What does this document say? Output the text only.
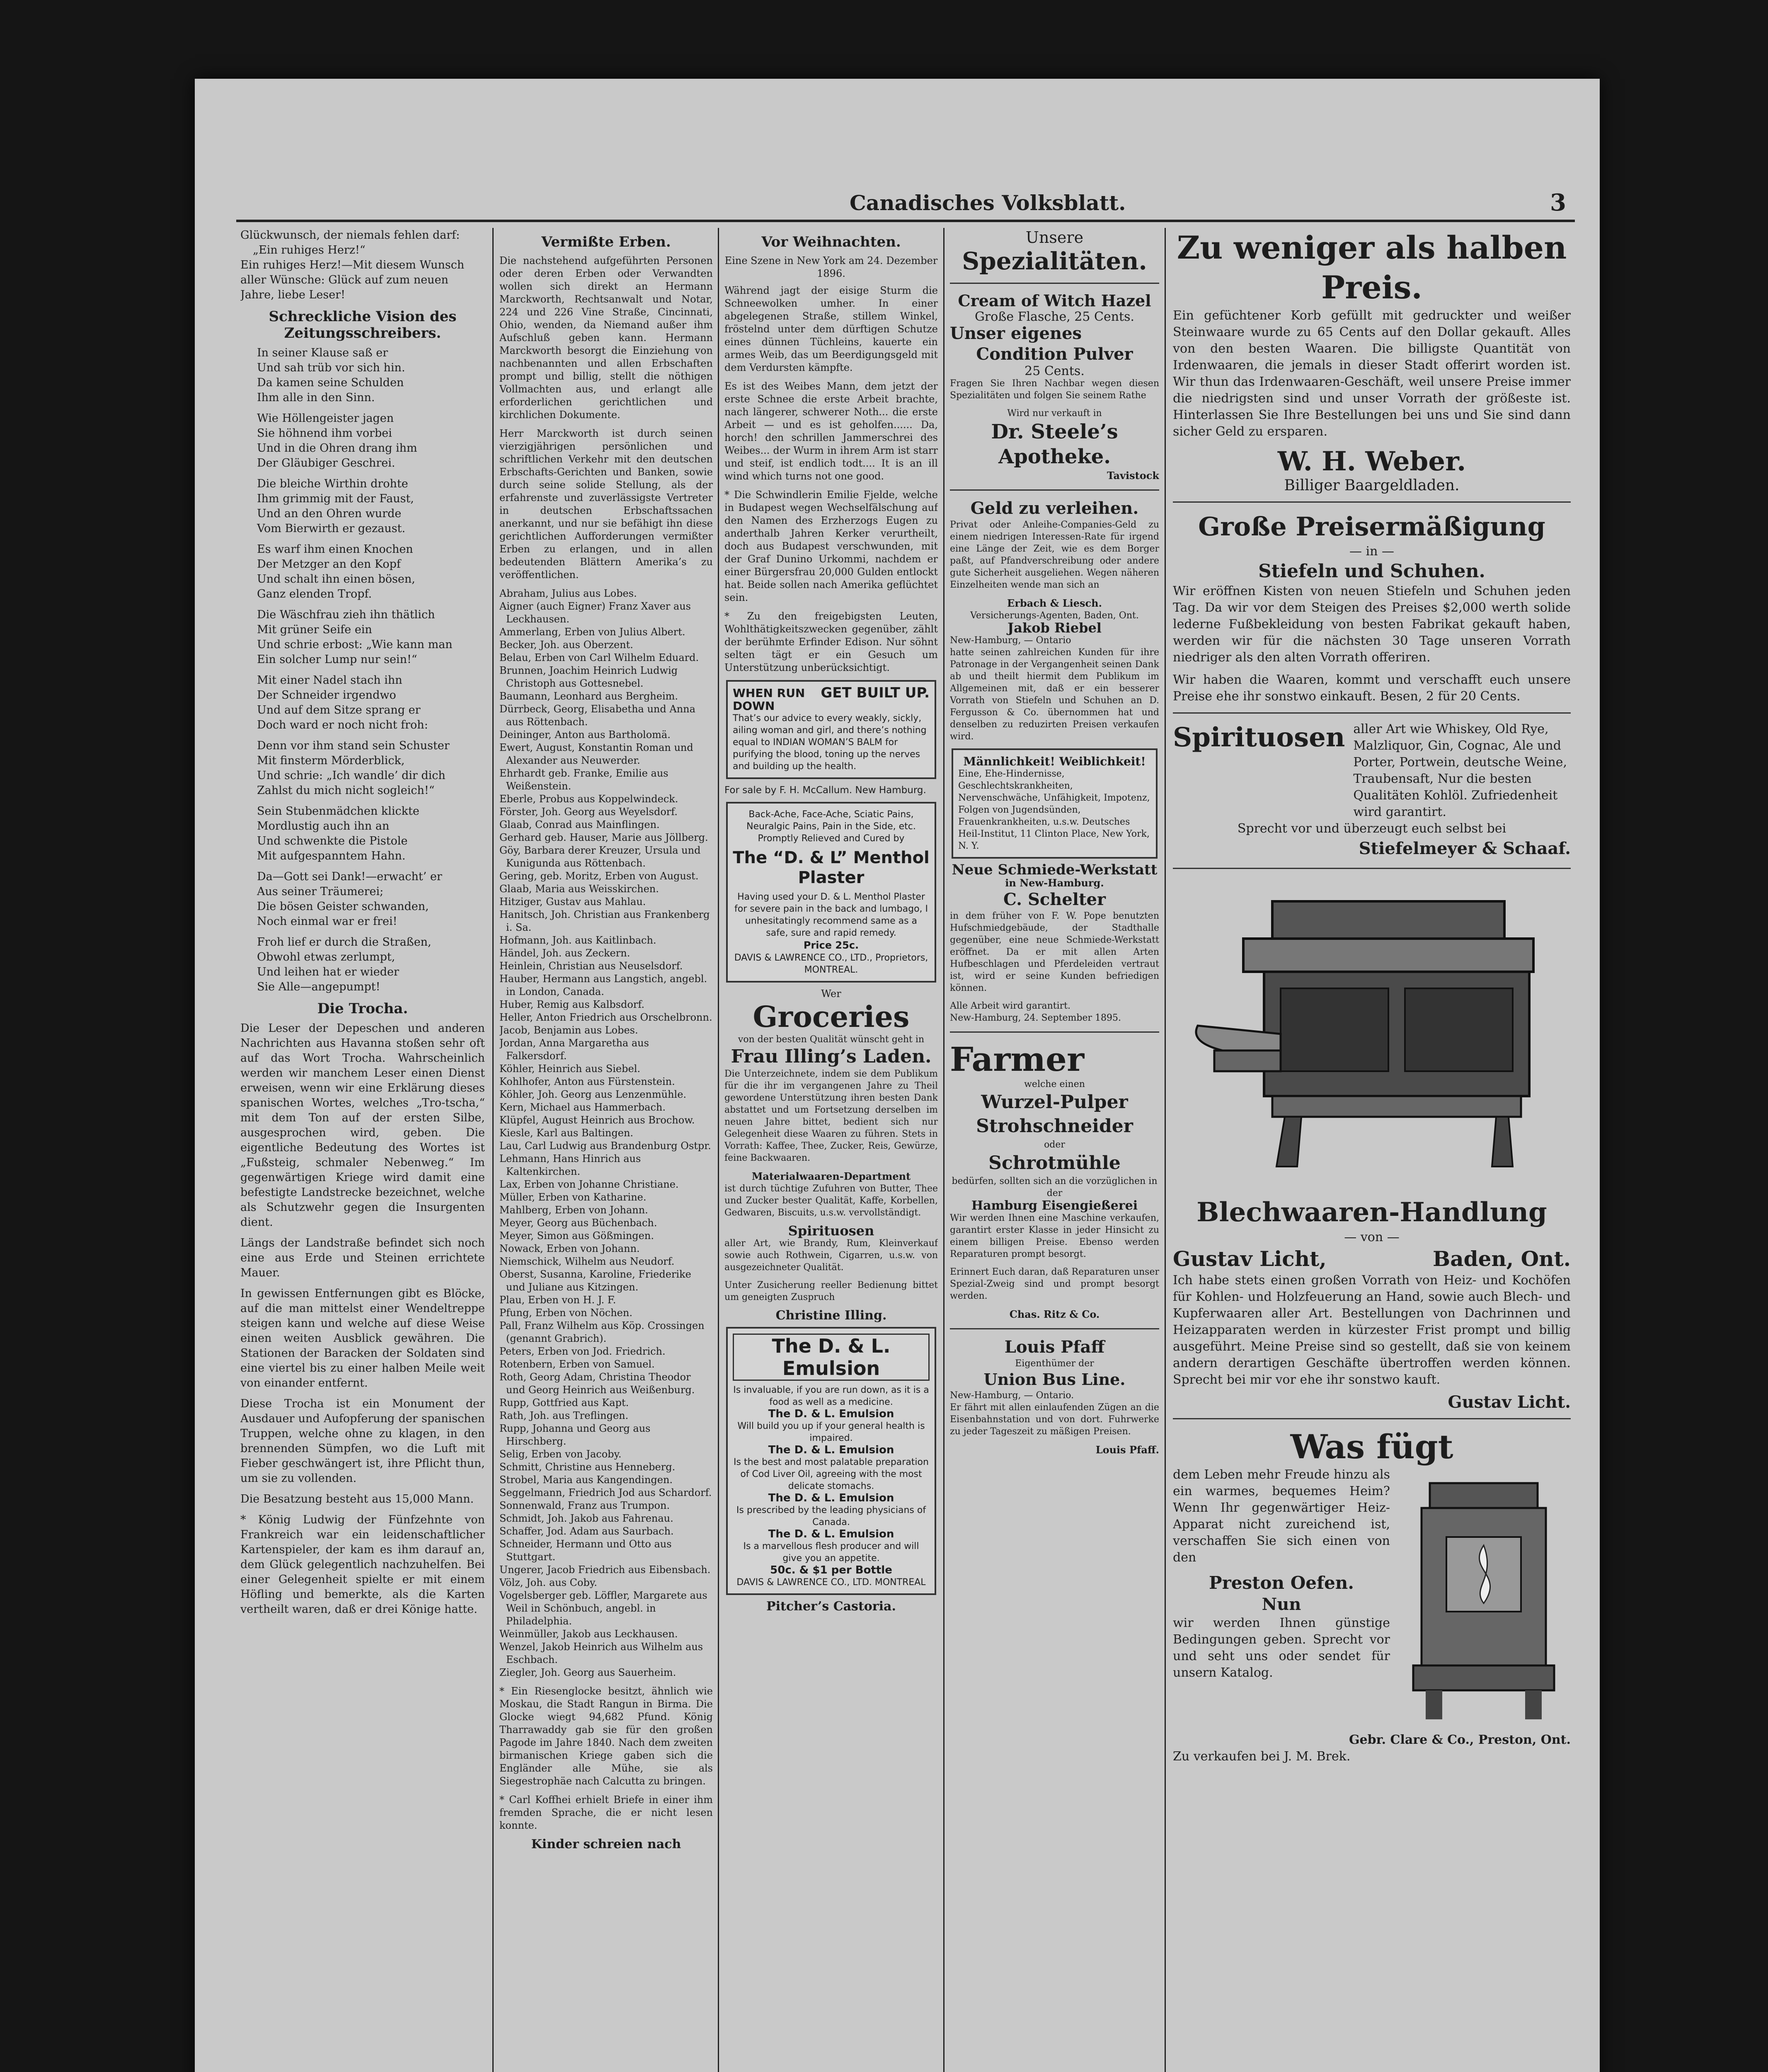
Canadisches Volksblatt.	3
Glückwunsch, der niemals fehlen darf:
„Ein ruhiges Herz!“
Ein ruhiges Herz!—Mit diesem Wunsch
aller Wünsche: Glück auf zum neuen
Jahre, liebe Leser!
Schreckliche Vision des Zeitungsschreibers.
In seiner Klause saß er
Und sah trüb vor sich hin.
Da kamen seine Schulden
Ihm alle in den Sinn.
Wie Höllengeister jagen
Sie höhnend ihm vorbei
Und in die Ohren drang ihm
Der Gläubiger Geschrei.
Die bleiche Wirthin drohte
Ihm grimmig mit der Faust,
Und an den Ohren wurde
Vom Bierwirth er gezaust.
Es warf ihm einen Knochen
Der Metzger an den Kopf
Und schalt ihn einen bösen,
Ganz elenden Tropf.
Die Wäschfrau zieh ihn thätlich
Mit grüner Seife ein
Und schrie erbost: „Wie kann man
Ein solcher Lump nur sein!“
Mit einer Nadel stach ihn
Der Schneider irgendwo
Und auf dem Sitze sprang er
Doch ward er noch nicht froh:
Denn vor ihm stand sein Schuster
Mit finsterm Mörderblick,
Und schrie: „Ich wandle’ dir dich
Zahlst du mich nicht sogleich!“
Sein Stubenmädchen klickte
Mordlustig auch ihn an
Und schwenkte die Pistole
Mit aufgespanntem Hahn.
Da—Gott sei Dank!—erwacht’ er
Aus seiner Träumerei;
Die bösen Geister schwanden,
Noch einmal war er frei!
Froh lief er durch die Straßen,
Obwohl etwas zerlumpt,
Und leihen hat er wieder
Sie Alle—angepumpt!
Die Trocha.

Die Leser der Depeschen und anderen Nachrichten aus Havanna stoßen sehr oft auf das Wort Trocha. Wahrscheinlich werden wir manchem Leser einen Dienst erweisen, wenn wir eine Erklärung dieses spanischen Wortes, welches „Tro-tscha,“ mit dem Ton auf der ersten Silbe, ausgesprochen wird, geben. Die eigentliche Bedeutung des Wortes ist „Fußsteig, schmaler Nebenweg.“ Im gegenwärtigen Kriege wird damit eine befestigte Landstrecke bezeichnet, welche als Schutzwehr gegen die Insurgenten dient.

Längs der Landstraße befindet sich noch eine aus Erde und Steinen errichtete Mauer.

In gewissen Entfernungen gibt es Blöcke, auf die man mittelst einer Wendeltreppe steigen kann und welche auf diese Weise einen weiten Ausblick gewähren. Die Stationen der Baracken der Soldaten sind eine viertel bis zu einer halben Meile weit von einander entfernt.

Diese Trocha ist ein Monument der Ausdauer und Aufopferung der spanischen Truppen, welche ohne zu klagen, in den brennenden Sümpfen, wo die Luft mit Fieber geschwängert ist, ihre Pflicht thun, um sie zu vollenden.

Die Besatzung besteht aus 15,000 Mann.

* König Ludwig der Fünfzehnte von Frankreich war ein leidenschaftlicher Kartenspieler, der kam es ihm darauf an, dem Glück gelegentlich nachzuhelfen. Bei einer Gelegenheit spielte er mit einem Höfling und bemerkte, als die Karten vertheilt waren, daß er drei Könige hatte.

Vermißte Erben.

Die nachstehend aufgeführten Personen oder deren Erben oder Verwandten wollen sich direkt an Hermann Marckworth, Rechtsanwalt und Notar, 224 und 226 Vine Straße, Cincinnati, Ohio, wenden, da Niemand außer ihm Aufschluß geben kann. Hermann Marckworth besorgt die Einziehung von nachbenannten und allen Erbschaften prompt und billig, stellt die nöthigen Vollmachten aus, und erlangt alle erforderlichen gerichtlichen und kirchlichen Dokumente.

Herr Marckworth ist durch seinen vierzigjährigen persönlichen und schriftlichen Verkehr mit den deutschen Erbschafts-Gerichten und Banken, sowie durch seine solide Stellung, als der erfahrenste und zuverlässigste Vertreter in deutschen Erbschaftssachen anerkannt, und nur sie befähigt ihn diese gerichtlichen Aufforderungen vermißter Erben zu erlangen, und in allen bedeutenden Blättern Amerika’s zu veröffentlichen.

Abraham, Julius aus Lobes.
Aigner (auch Eigner) Franz Xaver aus Leckhausen.
Ammerlang, Erben von Julius Albert.
Becker, Joh. aus Oberzent.
Belau, Erben von Carl Wilhelm Eduard.
Brunnen, Joachim Heinrich Ludwig Christoph aus Gottesnebel.
Baumann, Leonhard aus Bergheim.
Dürrbeck, Georg, Elisabetha und Anna aus Röttenbach.
Deininger, Anton aus Bartholomä.
Ewert, August, Konstantin Roman und Alexander aus Neuwerder.
Ehrhardt geb. Franke, Emilie aus Weißenstein.
Eberle, Probus aus Koppelwindeck.
Förster, Joh. Georg aus Weyelsdorf.
Glaab, Conrad aus Mainflingen.
Gerhard geb. Hauser, Marie aus Jöllberg.
Göy, Barbara derer Kreuzer, Ursula und Kunigunda aus Röttenbach.
Gering, geb. Moritz, Erben von August.
Glaab, Maria aus Weisskirchen.
Hitziger, Gustav aus Mahlau.
Hanitsch, Joh. Christian aus Frankenberg i. Sa.
Hofmann, Joh. aus Kaitlinbach.
Händel, Joh. aus Zeckern.
Heinlein, Christian aus Neuselsdorf.
Hauber, Hermann aus Langstich, angebl. in London, Canada.
Huber, Remig aus Kalbsdorf.
Heller, Anton Friedrich aus Orschelbronn.
Jacob, Benjamin aus Lobes.
Jordan, Anna Margaretha aus Falkersdorf.
Köhler, Heinrich aus Siebel.
Kohlhofer, Anton aus Fürstenstein.
Köhler, Joh. Georg aus Lenzenmühle.
Kern, Michael aus Hammerbach.
Klüpfel, August Heinrich aus Brochow.
Kiesle, Karl aus Baltingen.
Lau, Carl Ludwig aus Brandenburg Ostpr.
Lehmann, Hans Hinrich aus Kaltenkirchen.
Lax, Erben von Johanne Christiane.
Müller, Erben von Katharine.
Mahlberg, Erben von Johann.
Meyer, Georg aus Büchenbach.
Meyer, Simon aus Gößmingen.
Nowack, Erben von Johann.
Niemschick, Wilhelm aus Neudorf.
Oberst, Susanna, Karoline, Friederike und Juliane aus Kitzingen.
Plau, Erben von H. J. F.
Pfung, Erben von Nöchen.
Pall, Franz Wilhelm aus Köp. Crossingen (genannt Grabrich).
Peters, Erben von Jod. Friedrich.
Rotenbern, Erben von Samuel.
Roth, Georg Adam, Christina Theodor und Georg Heinrich aus Weißenburg.
Rupp, Gottfried aus Kapt.
Rath, Joh. aus Treflingen.
Rupp, Johanna und Georg aus Hirschberg.
Selig, Erben von Jacoby.
Schmitt, Christine aus Henneberg.
Strobel, Maria aus Kangendingen.
Seggelmann, Friedrich Jod aus Schardorf.
Sonnenwald, Franz aus Trumpon.
Schmidt, Joh. Jakob aus Fahrenau.
Schaffer, Jod. Adam aus Saurbach.
Schneider, Hermann und Otto aus Stuttgart.
Ungerer, Jacob Friedrich aus Eibensbach.
Völz, Joh. aus Coby.
Vogelsberger geb. Löffler, Margarete aus Weil in Schönbuch, angebl. in Philadelphia.
Weinmüller, Jakob aus Leckhausen.
Wenzel, Jakob Heinrich aus Wilhelm aus Eschbach.
Ziegler, Joh. Georg aus Sauerheim.

* Ein Riesenglocke besitzt, ähnlich wie Moskau, die Stadt Rangun in Birma. Die Glocke wiegt 94,682 Pfund. König Tharrawaddy gab sie für den großen Pagode im Jahre 1840. Nach dem zweiten birmanischen Kriege gaben sich die Engländer alle Mühe, sie als Siegestrophäe nach Calcutta zu bringen.

* Carl Koffhei erhielt Briefe in einer ihm fremden Sprache, die er nicht lesen konnte.

Kinder schreien nach
Vor Weihnachten.
Eine Szene in New York am 24. Dezember 1896.

Während jagt der eisige Sturm die Schneewolken umher. In einer abgelegenen Straße, stillem Winkel, fröstelnd unter dem dürftigen Schutze eines dünnen Tüchleins, kauerte ein armes Weib, das um Beerdigungsgeld mit dem Verdursten kämpfte.

Es ist des Weibes Mann, dem jetzt der erste Schnee die erste Arbeit brachte, nach längerer, schwerer Noth... die erste Arbeit — und es ist geholfen...... Da, horch! den schrillen Jammerschrei des Weibes... der Wurm in ihrem Arm ist starr und steif, ist endlich todt.... It is an ill wind which turns not one good.

* Die Schwindlerin Emilie Fjelde, welche in Budapest wegen Wechselfälschung auf den Namen des Erzherzogs Eugen zu anderthalb Jahren Kerker verurtheilt, doch aus Budapest verschwunden, mit der Graf Dunino Urkommi, nachdem er einer Bürgersfrau 20,000 Gulden entlockt hat. Beide sollen nach Amerika geflüchtet sein.

* Zu den freigebigsten Leuten, Wohlthätigkeitszwecken gegenüber, zählt der berühmte Erfinder Edison. Nur söhnt selten tägt er ein Gesuch um Unterstützung unberücksichtigt.

WHEN RUN DOWN
GET BUILT UP.
That’s our advice to every weakly, sickly, ailing woman and girl, and there’s nothing equal to INDIAN WOMAN’S BALM for purifying the blood, toning up the nerves and building up the health.
For sale by F. H. McCallum. New Hamburg.
Back-Ache, Face-Ache, Sciatic Pains, Neuralgic Pains, Pain in the Side, etc.
Promptly Relieved and Cured by
The “D. & L” Menthol Plaster
Having used your D. & L. Menthol Plaster for severe pain in the back and lumbago, I unhesitatingly recommend same as a safe, sure and rapid remedy.
Price 25c.
DAVIS & LAWRENCE CO., LTD., Proprietors, MONTREAL.
Wer
Groceries
von der besten Qualität wünscht geht in
Frau Illing’s Laden.

Die Unterzeichnete, indem sie dem Publikum für die ihr im vergangenen Jahre zu Theil gewordene Unterstützung ihren besten Dank abstattet und um Fortsetzung derselben im neuen Jahre bittet, bedient sich nur Gelegenheit diese Waaren zu führen. Stets in Vorrath: Kaffee, Thee, Zucker, Reis, Gewürze, feine Backwaaren.

Materialwaaren-Department

ist durch tüchtige Zufuhren von Butter, Thee und Zucker bester Qualität, Kaffe, Korbellen, Gedwaren, Biscuits, u.s.w. vervollständigt.

Spirituosen

aller Art, wie Brandy, Rum, Kleinverkauf sowie auch Rothwein, Cigarren, u.s.w. von ausgezeichneter Qualität.

Unter Zusicherung reeller Bedienung bittet um geneigten Zuspruch

Christine Illing.
The D. & L. Emulsion
Is invaluable, if you are run down, as it is a food as well as a medicine.
The D. & L. Emulsion
Will build you up if your general health is impaired.
The D. & L. Emulsion
Is the best and most palatable preparation of Cod Liver Oil, agreeing with the most delicate stomachs.
The D. & L. Emulsion
Is prescribed by the leading physicians of Canada.
The D. & L. Emulsion
Is a marvellous flesh producer and will give you an appetite.
50c. & $1 per Bottle
DAVIS & LAWRENCE CO., LTD. MONTREAL
Pitcher’s Castoria.
Unsere
Spezialitäten.
Cream of Witch Hazel
Große Flasche, 25 Cents.
Unser eigenes
Condition Pulver
25 Cents.

Fragen Sie Ihren Nachbar wegen diesen Spezialitäten und folgen Sie seinem Rathe

Wird nur verkauft in
Dr. Steele’s Apotheke.
Tavistock
Geld zu verleihen.

Privat oder Anleihe-Companies-Geld zu einem niedrigen Interessen-Rate für irgend eine Länge der Zeit, wie es dem Borger paßt, auf Pfandverschreibung oder andere gute Sicherheit ausgeliehen. Wegen näheren Einzelheiten wende man sich an

Erbach & Liesch.
Versicherungs-Agenten, Baden, Ont.
Jakob Riebel
New-Hamburg, — Ontario

hatte seinen zahlreichen Kunden für ihre Patronage in der Vergangenheit seinen Dank ab und theilt hiermit dem Publikum im Allgemeinen mit, daß er ein besserer Vorrath von Stiefeln und Schuhen an D. Fergusson & Co. übernommen hat und denselben zu reduzirten Preisen verkaufen wird.

Männlichkeit! Weiblichkeit!
Eine, Ehe-Hindernisse, Geschlechtskrankheiten, Nervenschwäche, Unfähigkeit, Impotenz, Folgen von Jugendsünden, Frauenkrankheiten, u.s.w. Deutsches Heil-Institut, 11 Clinton Place, New York, N. Y.
Neue Schmiede-Werkstatt
in New-Hamburg.
C. Schelter

in dem früher von F. W. Pope benutzten Hufschmiedgebäude, der Stadthalle gegenüber, eine neue Schmiede-Werkstatt eröffnet. Da er mit allen Arten Hufbeschlagen und Pferdeleiden vertraut ist, wird er seine Kunden befriedigen können.

Alle Arbeit wird garantirt.
New-Hamburg, 24. September 1895.
Farmer
welche einen
Wurzel-Pulper
Strohschneider
oder
Schrotmühle
bedürfen, sollten sich an die vorzüglichen in der
Hamburg Eisengießerei

Wir werden Ihnen eine Maschine verkaufen, garantirt erster Klasse in jeder Hinsicht zu einem billigen Preise. Ebenso werden Reparaturen prompt besorgt.

Erinnert Euch daran, daß Reparaturen unser Spezial-Zweig sind und prompt besorgt werden.

Chas. Ritz & Co.
Louis Pfaff
Eigenthümer der
Union Bus Line.
New-Hamburg, — Ontario.

Er fährt mit allen einlaufenden Zügen an die Eisenbahnstation und von dort. Fuhrwerke zu jeder Tageszeit zu mäßigen Preisen.

Louis Pfaff.
Zu weniger als halben Preis.

Ein gefüchtener Korb gefüllt mit gedruckter und weißer Steinwaare wurde zu 65 Cents auf den Dollar gekauft. Alles von den besten Waaren. Die billigste Quantität von Irdenwaaren, die jemals in dieser Stadt offerirt worden ist. Wir thun das Irdenwaaren-Geschäft, weil unsere Preise immer die niedrigsten sind und unser Vorrath der größeste ist. Hinterlassen Sie Ihre Bestellungen bei uns und Sie sind dann sicher Geld zu ersparen.

W. H. Weber.
Billiger Baargeldladen.
Große Preisermäßigung
— in —
Stiefeln und Schuhen.

Wir eröffnen Kisten von neuen Stiefeln und Schuhen jeden Tag. Da wir vor dem Steigen des Preises $2,000 werth solide lederne Fußbekleidung von besten Fabrikat gekauft haben, werden wir für die nächsten 30 Tage unseren Vorrath niedriger als den alten Vorrath offeriren.

Wir haben die Waaren, kommt und verschafft euch unsere Preise ehe ihr sonstwo einkauft. Besen, 2 für 20 Cents.

Spirituosen aller Art wie Whiskey, Old Rye, Malzliquor, Gin, Cognac, Ale und Porter, Portwein, deutsche Weine, Traubensaft, Nur die besten Qualitäten Kohlöl. Zufriedenheit wird garantirt.
Sprecht vor und überzeugt euch selbst bei
Stiefelmeyer & Schaaf.
Blechwaaren-Handlung
— von —
Gustav Licht,	Baden, Ont.

Ich habe stets einen großen Vorrath von Heiz- und Kochöfen für Kohlen- und Holzfeuerung an Hand, sowie auch Blech- und Kupferwaaren aller Art. Bestellungen von Dachrinnen und Heizapparaten werden in kürzester Frist prompt und billig ausgeführt. Meine Preise sind so gestellt, daß sie von keinem andern derartigen Geschäfte übertroffen werden können. Sprecht bei mir vor ehe ihr sonstwo kauft.

Gustav Licht.
Was fügt

dem Leben mehr Freude hinzu als ein warmes, bequemes Heim? Wenn Ihr gegenwärtiger Heiz-Apparat nicht zureichend ist, verschaffen Sie sich einen von den

Preston Oefen.
Nun

wir werden Ihnen günstige Bedingungen geben. Sprecht vor und seht uns oder sendet für unsern Katalog.

Gebr. Clare & Co., Preston, Ont.
Zu verkaufen bei J. M. Brek.
